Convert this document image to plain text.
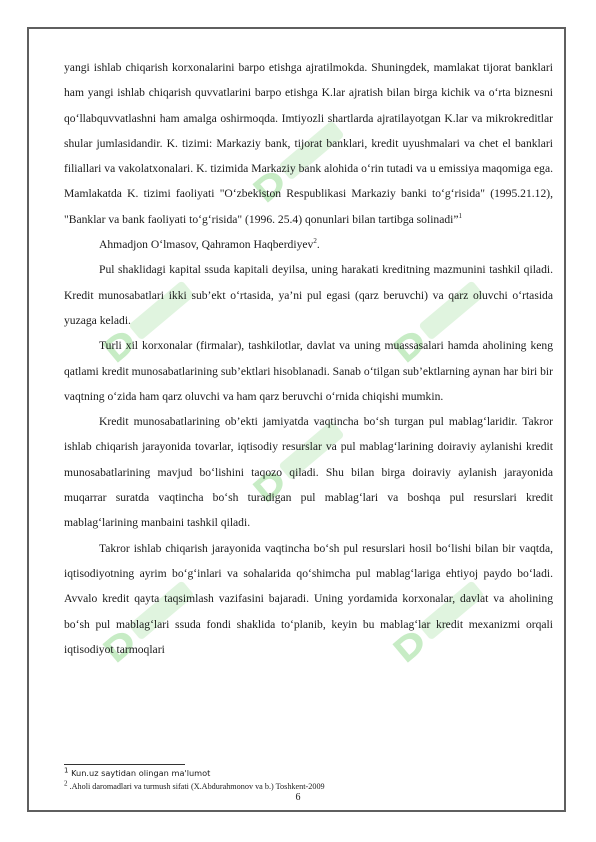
yangi ishlab chiqarish korxonalarini barpo etishga ajratilmokda. Shuningdek, mamlakat tijorat banklari ham yangi ishlab chiqarish quvvatlarini barpo etishga K.lar ajratish bilan birga kichik va o‘rta biznesni qo‘llabquvvatlashni ham amalga oshirmoqda. Imtiyozli shartlarda ajratilayotgan K.lar va mikrokreditlar shular jumlasidandir. K. tizimi: Markaziy bank, tijorat banklari, kredit uyushmalari va chet el banklari filiallari va vakolatxonalari. K. tizimida Markaziy bank alohida o‘rin tutadi va u emissiya maqomiga ega. Mamlakatda K. tizimi faoliyati "O‘zbekiston Respublikasi Markaziy banki to‘g‘risida" (1995.21.12), "Banklar va bank faoliyati to‘g‘risida" (1996. 25.4) qonunlari bilan tartibga solinadi”$^1$

Ahmadjon O‘lmasov, Qahramon Haqberdiyev$^2$.

Pul shaklidagi kapital ssuda kapitali deyilsa, uning harakati kreditning mazmunini tashkil qiladi. Kredit munosabatlari ikki sub’ekt o‘rtasida, ya’ni pul egasi (qarz beruvchi) va qarz oluvchi o‘rtasida yuzaga keladi.

Turli xil korxonalar (firmalar), tashkilotlar, davlat va uning muassasalari hamda aholining keng qatlami kredit munosabatlarining sub’ektlari hisoblanadi. Sanab o‘tilgan sub’ektlarning aynan har biri bir vaqtning o‘zida ham qarz oluvchi va ham qarz beruvchi o‘rnida chiqishi mumkin.

Kredit munosabatlarining ob’ekti jamiyatda vaqtincha bo‘sh turgan pul mablag‘laridir. Takror ishlab chiqarish jarayonida tovarlar, iqtisodiy resurslar va pul mablag‘larining doiraviy aylanishi kredit munosabatlarining mavjud bo‘lishini taqozo qiladi. Shu bilan birga doiraviy aylanish jarayonida muqarrar suratda vaqtincha bo‘sh turadigan pul mablag‘lari va boshqa pul resurslari kredit mablag‘larining manbaini tashkil qiladi.

Takror ishlab chiqarish jarayonida vaqtincha bo‘sh pul resurslari hosil bo‘lishi bilan bir vaqtda, iqtisodiyotning ayrim bo‘g‘inlari va sohalarida qo‘shimcha pul mablag‘lariga ehtiyoj paydo bo‘ladi. Avvalo kredit qayta taqsimlash vazifasini bajaradi. Uning yordamida korxonalar, davlat va aholining bo‘sh pul mablag‘lari ssuda fondi shaklida to‘planib, keyin bu mablag‘lar kredit mexanizmi orqali iqtisodiyot tarmoqlari

$^1$ Kun.uz saytidan olingan ma'lumot
$^2$ .Aholi daromadlari va turmush sifati (X.Abdurahmonov va b.) Toshkent-2009
6
